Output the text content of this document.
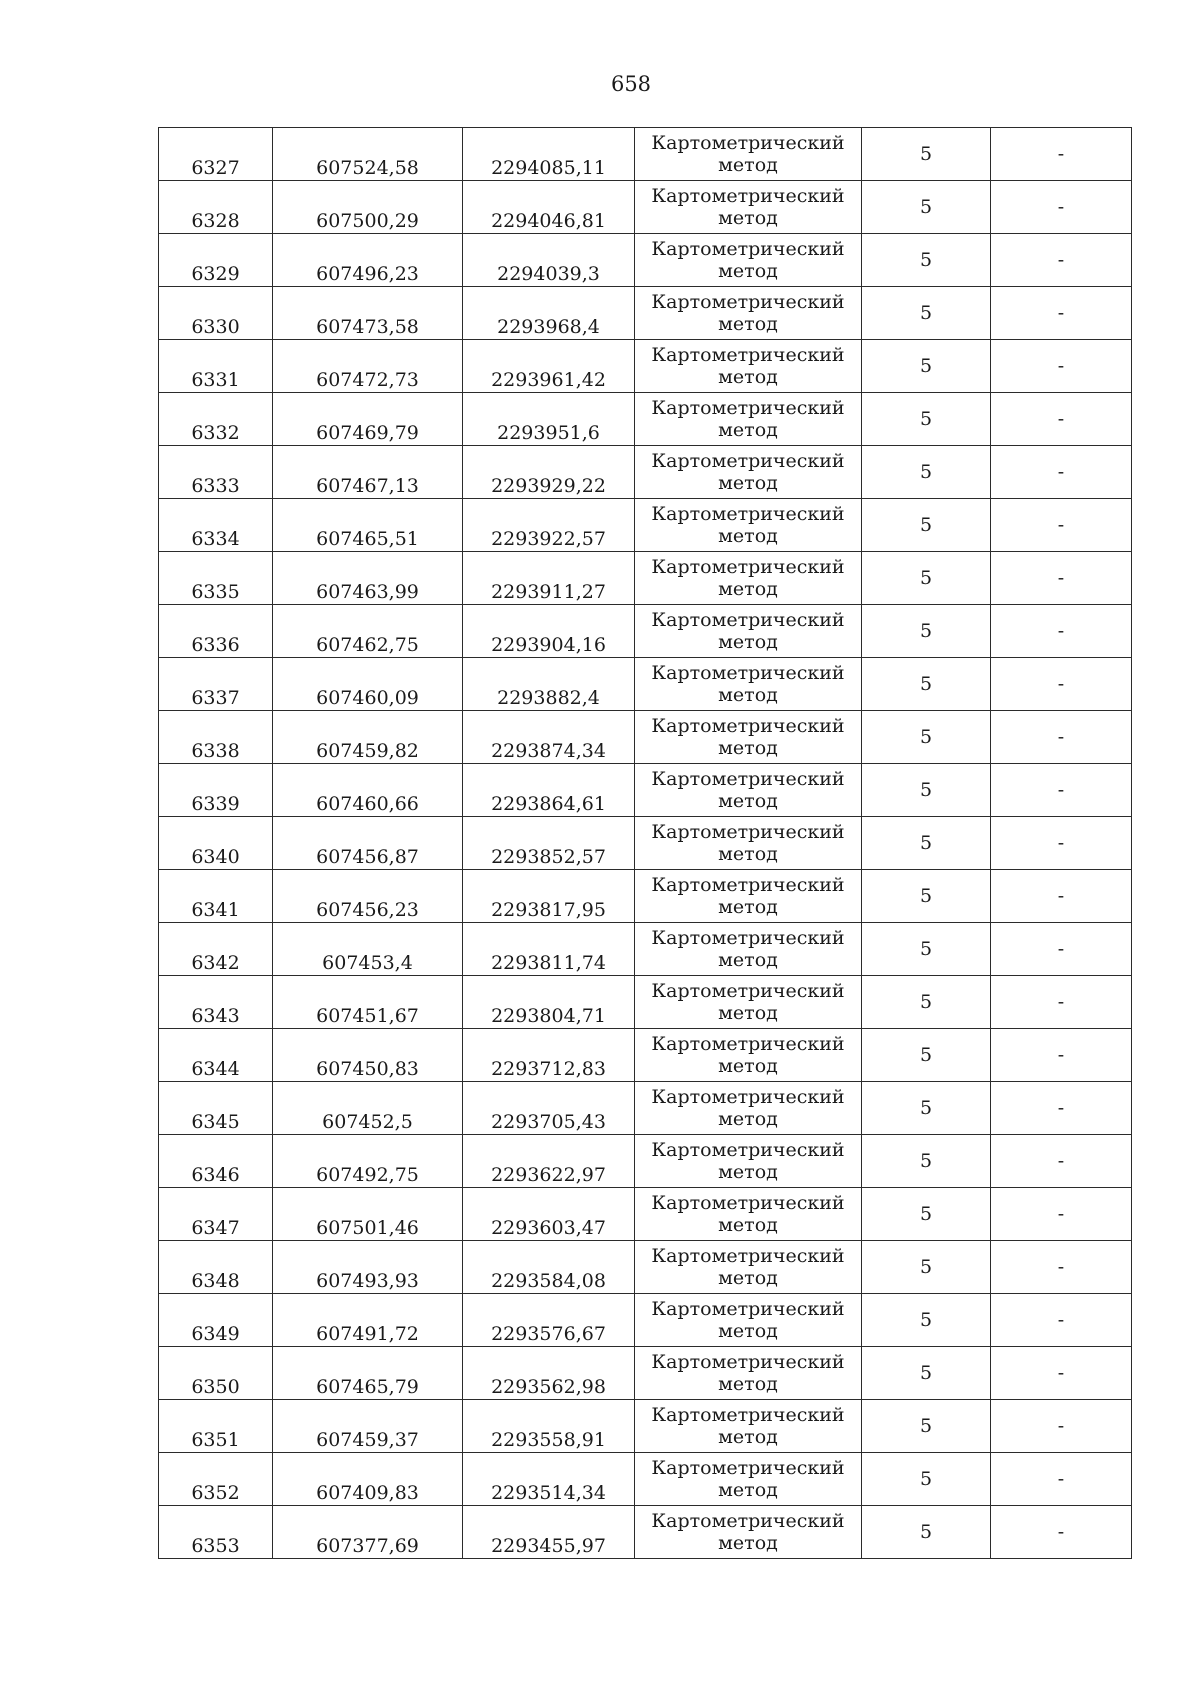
658
6327	607524,58	2294085,11	Картометрический
метод	5	-
6328	607500,29	2294046,81	Картометрический
метод	5	-
6329	607496,23	2294039,3	Картометрический
метод	5	-
6330	607473,58	2293968,4	Картометрический
метод	5	-
6331	607472,73	2293961,42	Картометрический
метод	5	-
6332	607469,79	2293951,6	Картометрический
метод	5	-
6333	607467,13	2293929,22	Картометрический
метод	5	-
6334	607465,51	2293922,57	Картометрический
метод	5	-
6335	607463,99	2293911,27	Картометрический
метод	5	-
6336	607462,75	2293904,16	Картометрический
метод	5	-
6337	607460,09	2293882,4	Картометрический
метод	5	-
6338	607459,82	2293874,34	Картометрический
метод	5	-
6339	607460,66	2293864,61	Картометрический
метод	5	-
6340	607456,87	2293852,57	Картометрический
метод	5	-
6341	607456,23	2293817,95	Картометрический
метод	5	-
6342	607453,4	2293811,74	Картометрический
метод	5	-
6343	607451,67	2293804,71	Картометрический
метод	5	-
6344	607450,83	2293712,83	Картометрический
метод	5	-
6345	607452,5	2293705,43	Картометрический
метод	5	-
6346	607492,75	2293622,97	Картометрический
метод	5	-
6347	607501,46	2293603,47	Картометрический
метод	5	-
6348	607493,93	2293584,08	Картометрический
метод	5	-
6349	607491,72	2293576,67	Картометрический
метод	5	-
6350	607465,79	2293562,98	Картометрический
метод	5	-
6351	607459,37	2293558,91	Картометрический
метод	5	-
6352	607409,83	2293514,34	Картометрический
метод	5	-
6353	607377,69	2293455,97	Картометрический
метод	5	-
